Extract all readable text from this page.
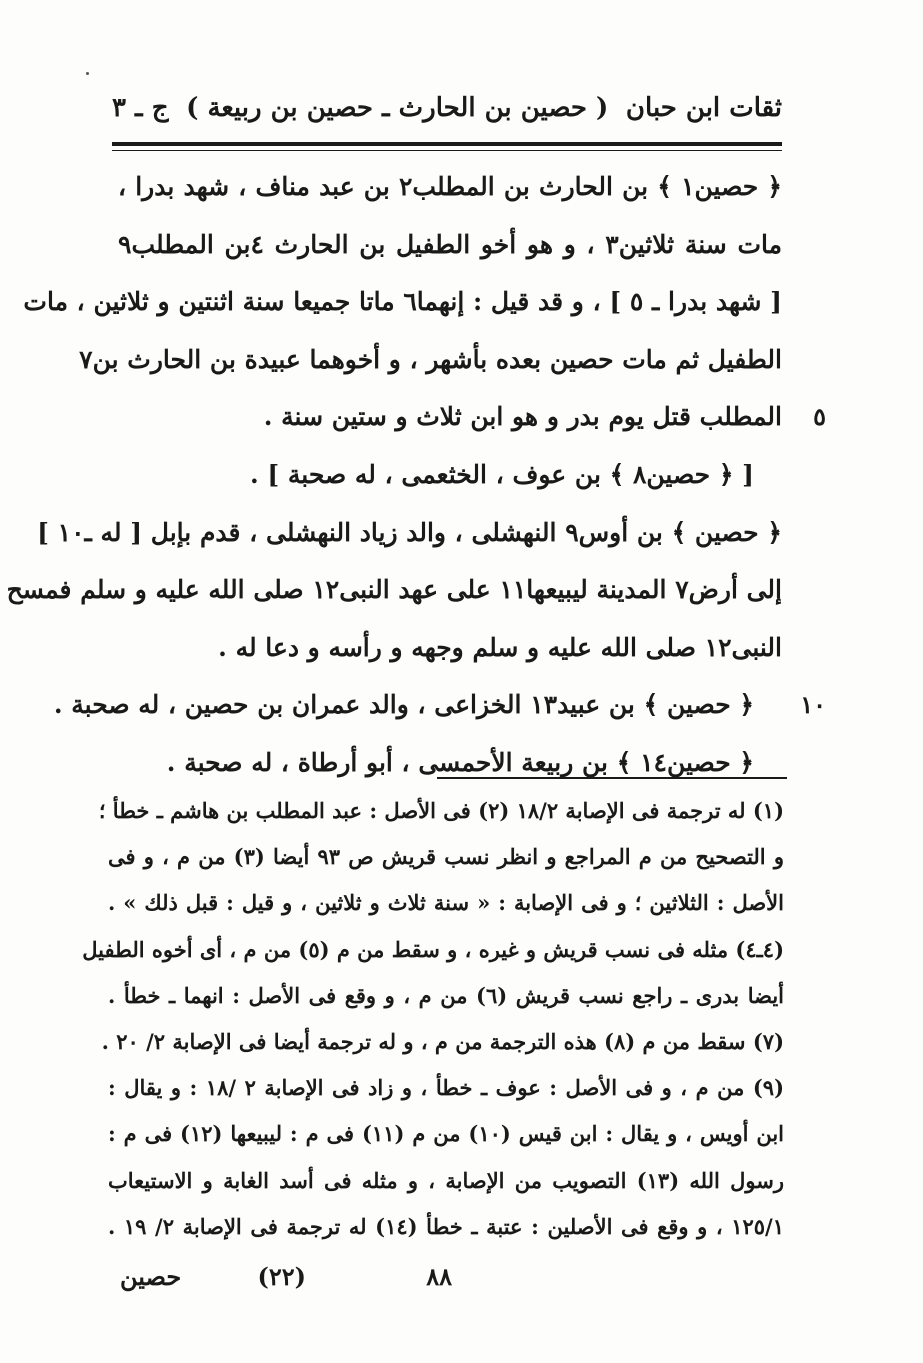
ثقات ابن حبان
( حصين بن الحارث ـ حصين بن ربيعة )
ج ـ ٣
﴿ حصين١ ﴾ بن الحارث بن المطلب٢ بن عبد مناف ، شهد بدرا ،
مات سنة ثلاثين٣ ، و هو أخو الطفيل بن الحارث ٤بن المطلب٩
[ شهد بدرا ـ ٥ ] ، و قد قيل : إنهما٦ ماتا جميعا سنة اثنتين و ثلاثين ، مات
الطفيل ثم مات حصين بعده بأشهر ، و أخوهما عبيدة بن الحارث بن٧
٥
المطلب قتل يوم بدر و هو ابن ثلاث و ستين سنة .
[ ﴿ حصين٨ ﴾ بن عوف ، الخثعمى ، له صحبة ] .
﴿ حصين ﴾ بن أوس٩ النهشلى ، والد زياد النهشلى ، قدم بإبل [ له ـ١٠ ]
إلى أرض٧ المدينة ليبيعها١١ على عهد النبى١٢ صلى الله عليه و سلم فمسح
النبى١٢ صلى الله عليه و سلم وجهه و رأسه و دعا له .
١٠
﴿ حصين ﴾ بن عبيد١٣ الخزاعى ، والد عمران بن حصين ، له صحبة .
﴿ حصين١٤ ﴾ بن ربيعة الأحمسى ، أبو أرطاة ، له صحبة .
(١) له ترجمة فى الإصابة ١٨/٢ (٢) فى الأصل : عبد المطلب بن هاشم ـ خطأ ؛
و التصحيح من م المراجع و انظر نسب قريش ص ٩٣ أيضا (٣) من م ، و فى
الأصل : الثلاثين ؛ و فى الإصابة : « سنة ثلاث و ثلاثين ، و قيل : قبل ذلك » .
(٤ـ٤) مثله فى نسب قريش و غيره ، و سقط من م (٥) من م ، أى أخوه الطفيل
أيضا بدرى ـ راجع نسب قريش (٦) من م ، و وقع فى الأصل : انهما ـ خطأ .
(٧) سقط من م (٨) هذه الترجمة من م ، و له ترجمة أيضا فى الإصابة ٢/ ٢٠ .
(٩) من م ، و فى الأصل : عوف ـ خطأ ، و زاد فى الإصابة ٢ /١٨ : و يقال :
ابن أويس ، و يقال : ابن قيس (١٠) من م (١١) فى م : ليبيعها (١٢) فى م :
رسول الله (١٣) التصويب من الإصابة ، و مثله فى أسد الغابة و الاستيعاب
١٢٥/١ ، و وقع فى الأصلين : عتبة ـ خطأ (١٤) له ترجمة فى الإصابة ٢/ ١٩ .
٨٨
(٢٢)
حصين
